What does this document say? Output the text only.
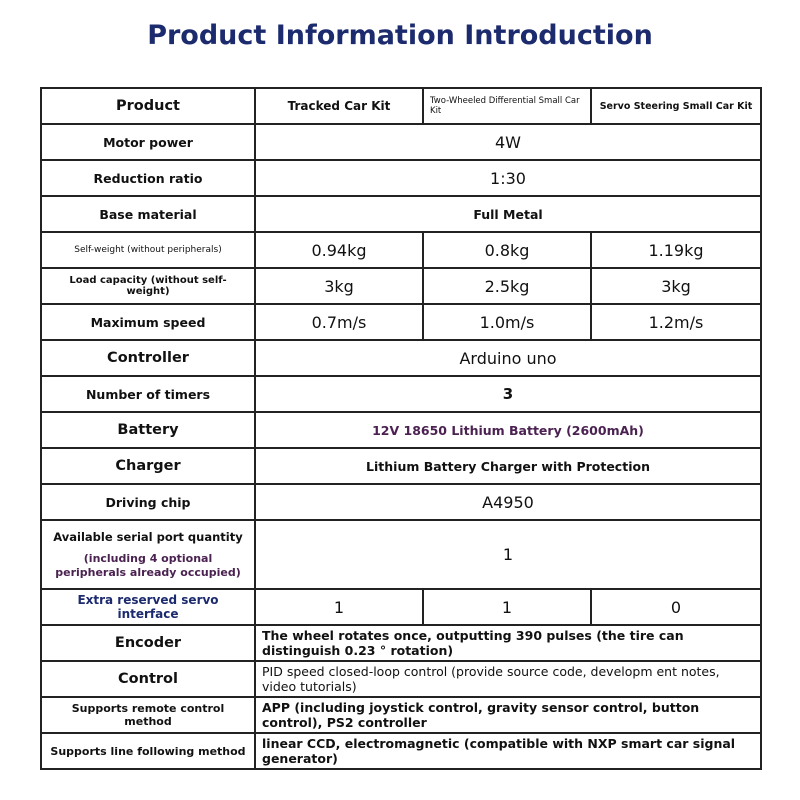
Product Information Introduction
Product	Tracked Car Kit	Two-Wheeled Differential Small Car Kit	Servo Steering Small Car Kit
Motor power	4W		
Reduction ratio	1:30		
Base material	Full Metal		
Self-weight (without peripherals)	0.94kg	0.8kg	1.19kg
Load capacity (without self-weight)	3kg	2.5kg	3kg
Maximum speed	0.7m/s	1.0m/s	1.2m/s
Controller	Arduino uno		
Number of timers	3		
Battery	12V 18650 Lithium Battery (2600mAh)		
Charger	Lithium Battery Charger with Protection		
Driving chip	A4950		
Available serial port quantity
(including 4 optional peripherals already occupied)	1		
Extra reserved servo interface	1	1	0
Encoder	The wheel rotates once, outputting 390 pulses (the tire can distinguish 0.23 ° rotation)		
Control	PID speed closed-loop control (provide source code, developm ent notes, video tutorials)		
Supports remote control method	APP (including joystick control, gravity sensor control, button control), PS2 controller		
Supports line following method	linear CCD, electromagnetic (compatible with NXP smart car signal generator)		
